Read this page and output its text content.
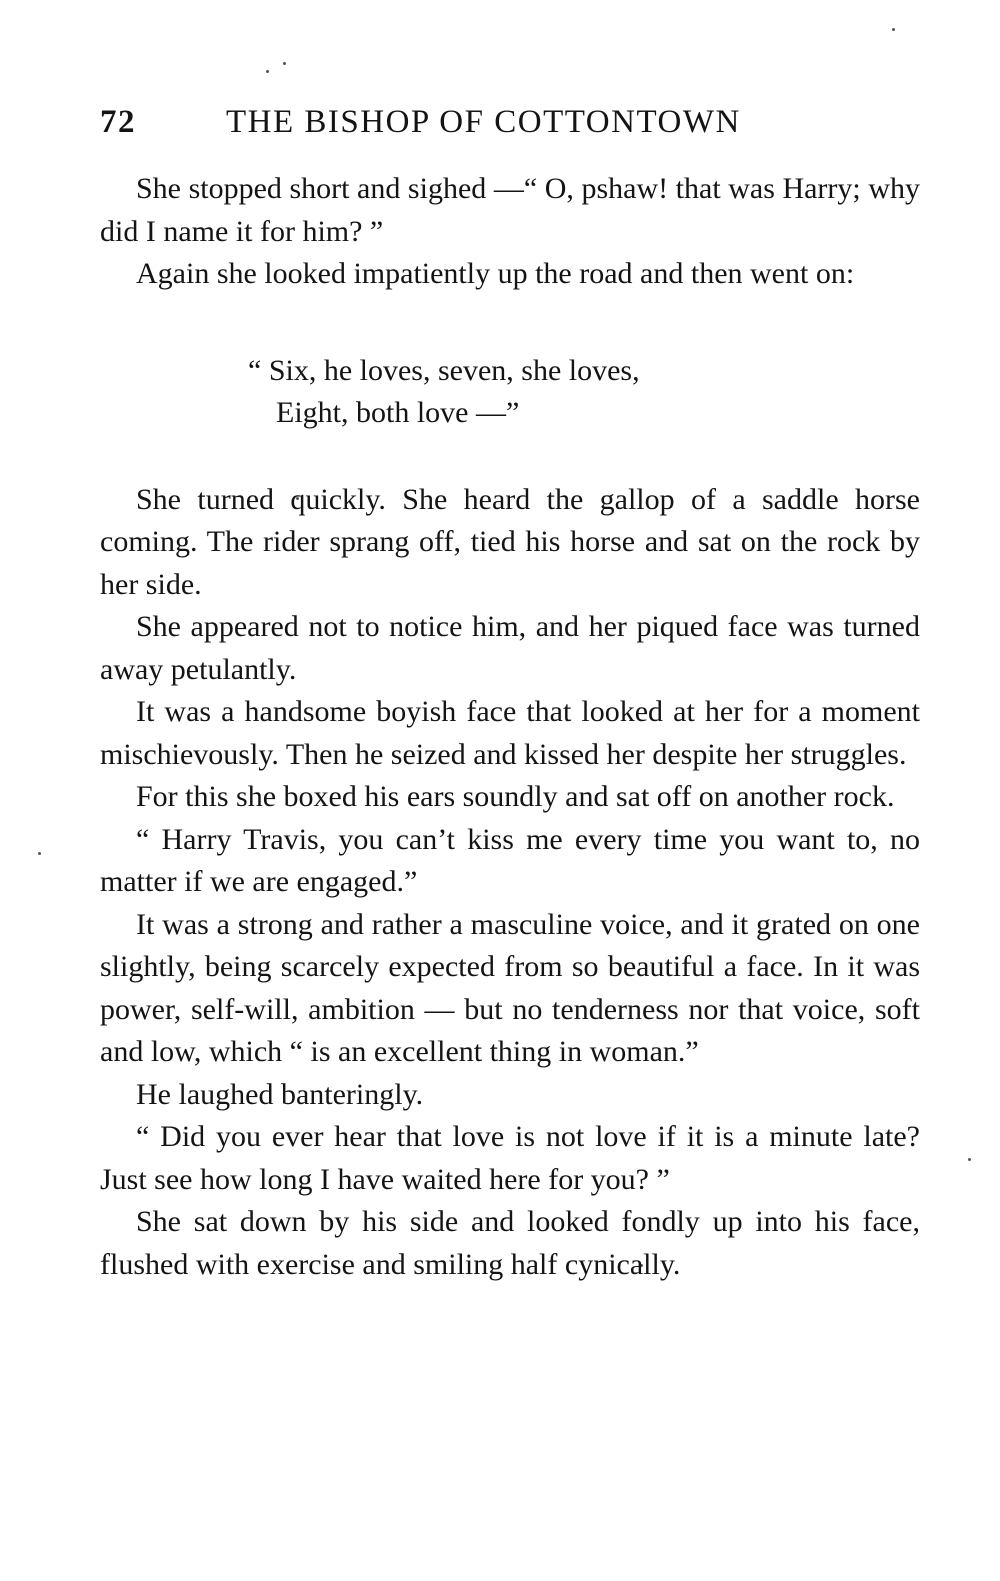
72	THE BISHOP OF COTTONTOWN

She stopped short and sighed —“ O, pshaw! that was Harry; why did I name it for him? ”

Again she looked impatiently up the road and then went on:

“ Six, he loves, seven, she loves,
Eight, both love —”

She turned quickly. She heard the gallop of a saddle horse coming. The rider sprang off, tied his horse and sat on the rock by her side.

She appeared not to notice him, and her piqued face was turned away petulantly.

It was a handsome boyish face that looked at her for a moment mischievously. Then he seized and kissed her despite her struggles.

For this she boxed his ears soundly and sat off on another rock.

“ Harry Travis, you can’t kiss me every time you want to, no matter if we are engaged.”

It was a strong and rather a masculine voice, and it grated on one slightly, being scarcely expected from so beautiful a face. In it was power, self-will, ambition — but no tenderness nor that voice, soft and low, which “ is an excellent thing in woman.”

He laughed banteringly.

“ Did you ever hear that love is not love if it is a minute late? Just see how long I have waited here for you? ”

She sat down by his side and looked fondly up into his face, flushed with exercise and smiling half cynically.
